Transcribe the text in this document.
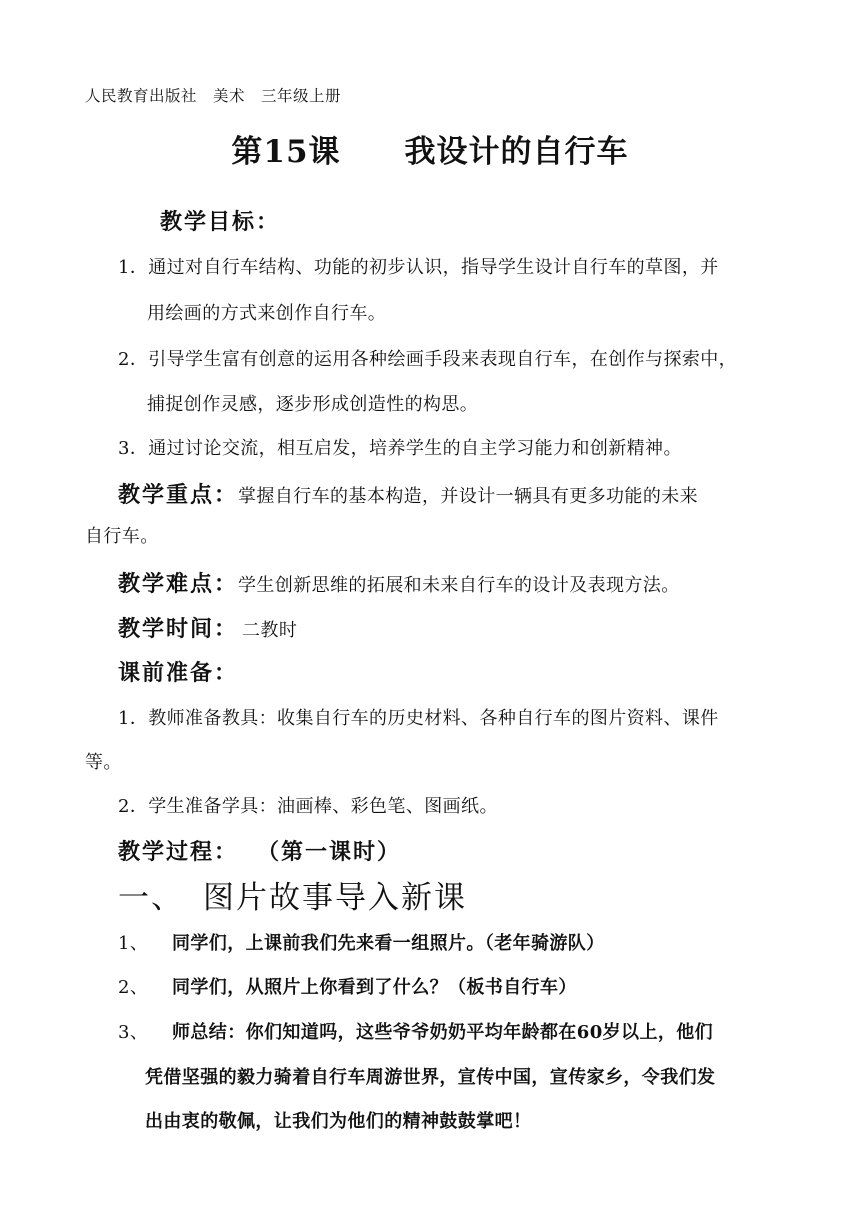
人民教育出版社　美术　三年级上册
第15课　　我设计的自行车
教学目标：
1．通过对自行车结构、功能的初步认识，指导学生设计自行车的草图，并
用绘画的方式来创作自行车。
2．引导学生富有创意的运用各种绘画手段来表现自行车，在创作与探索中，
捕捉创作灵感，逐步形成创造性的构思。
3．通过讨论交流，相互启发，培养学生的自主学习能力和创新精神。
教学重点：掌握自行车的基本构造，并设计一辆具有更多功能的未来
自行车。
教学难点：学生创新思维的拓展和未来自行车的设计及表现方法。
教学时间： 二教时
课前准备：
1．教师准备教具：收集自行车的历史材料、各种自行车的图片资料、课件
等。
2．学生准备学具：油画棒、彩色笔、图画纸。
教学过程： （第一课时）
一、 图片故事导入新课
1、 同学们，上课前我们先来看一组照片。（老年骑游队）
2、 同学们，从照片上你看到了什么？（板书自行车）
3、 师总结：你们知道吗，这些爷爷奶奶平均年龄都在60岁以上，他们
凭借坚强的毅力骑着自行车周游世界，宣传中国，宣传家乡，令我们发
出由衷的敬佩，让我们为他们的精神鼓鼓掌吧！
